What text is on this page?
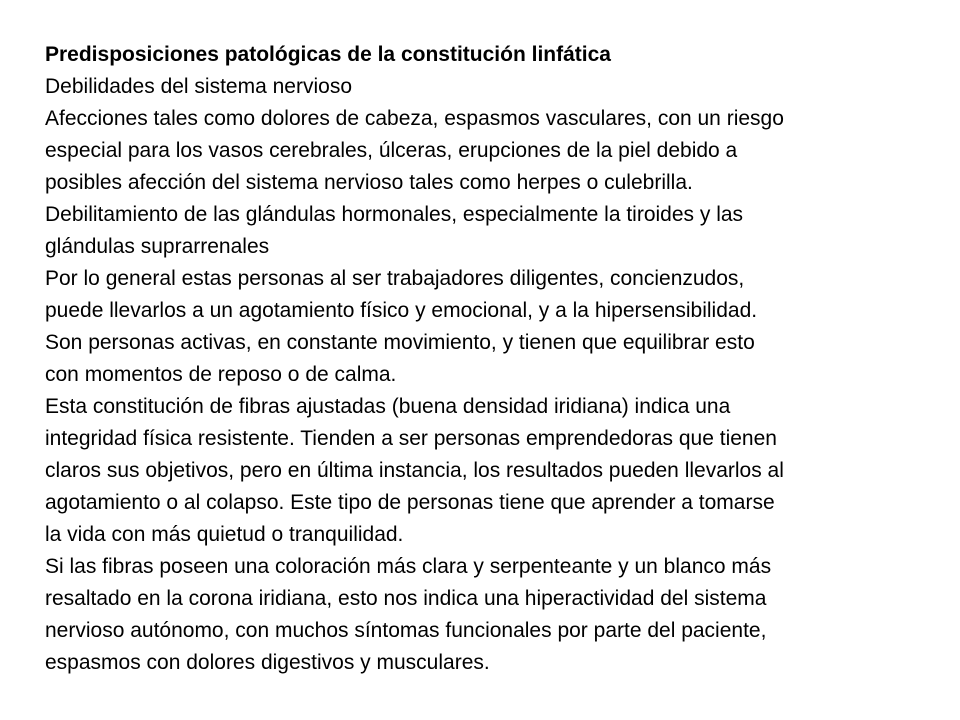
Predisposiciones patológicas de la constitución linfática

Debilidades del sistema nervioso

Afecciones tales como dolores de cabeza, espasmos vasculares, con un riesgo
especial para los vasos cerebrales, úlceras, erupciones de la piel debido a
posibles afección del sistema nervioso tales como herpes o culebrilla.

Debilitamiento de las glándulas hormonales, especialmente la tiroides y las
glándulas suprarrenales

Por lo general estas personas al ser trabajadores diligentes, concienzudos,
puede llevarlos a un agotamiento físico y emocional, y a la hipersensibilidad.
Son personas activas, en constante movimiento, y tienen que equilibrar esto
con momentos de reposo o de calma.

Esta constitución de fibras ajustadas (buena densidad iridiana) indica una
integridad física resistente. Tienden a ser personas emprendedoras que tienen
claros sus objetivos, pero en última instancia, los resultados pueden llevarlos al
agotamiento o al colapso. Este tipo de personas tiene que aprender a tomarse
la vida con más quietud o tranquilidad.

Si las fibras poseen una coloración más clara y serpenteante y un blanco más
resaltado en la corona iridiana, esto nos indica una hiperactividad del sistema
nervioso autónomo, con muchos síntomas funcionales por parte del paciente,
espasmos con dolores digestivos y musculares.
